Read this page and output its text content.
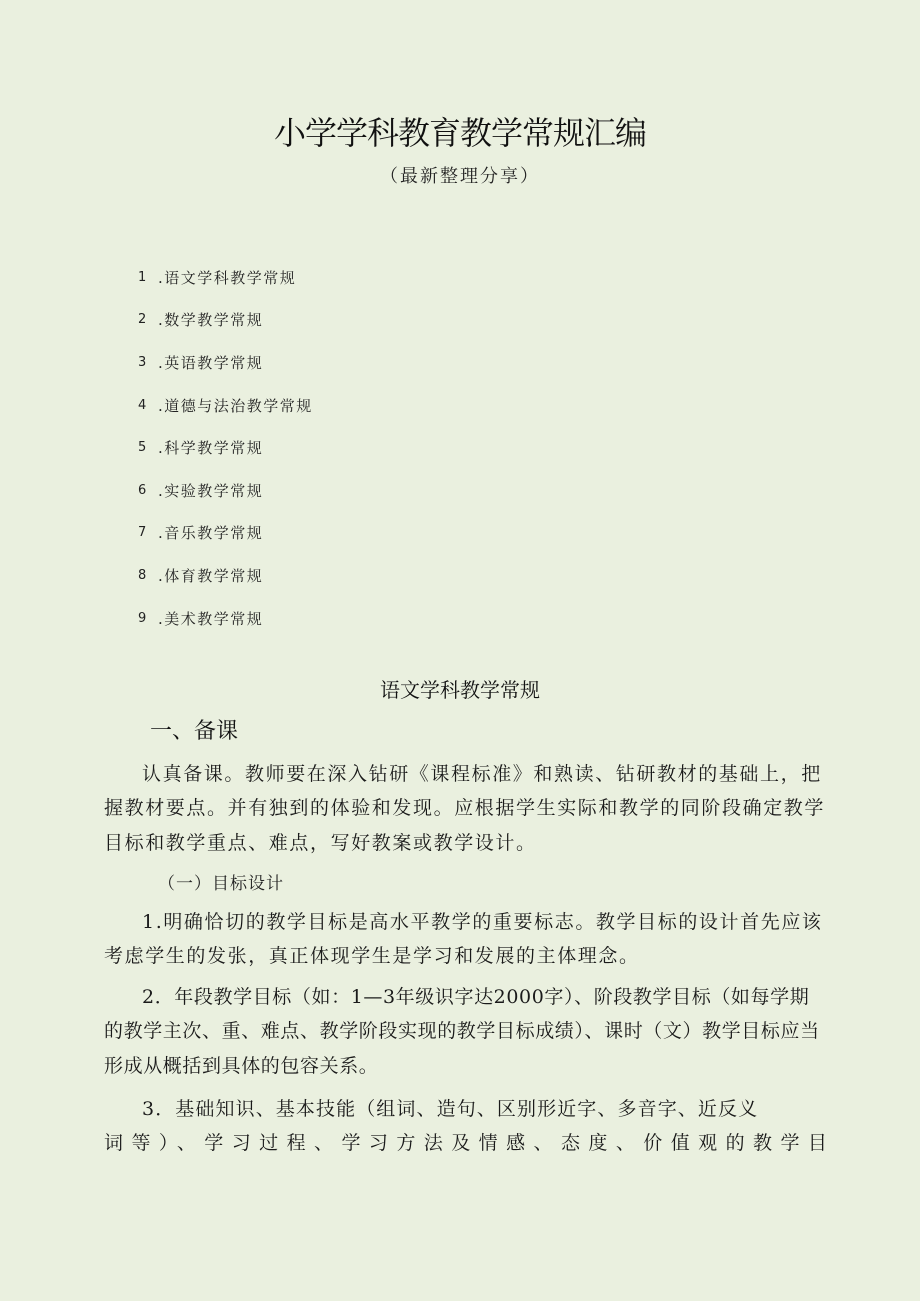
小学学科教育教学常规汇编
（最新整理分享）
1 .语文学科教学常规
2 .数学教学常规
3 .英语教学常规
4 .道德与法治教学常规
5 .科学教学常规
6 .实验教学常规
7 .音乐教学常规
8 .体育教学常规
9 .美术教学常规
语文学科教学常规
一、备课

认真备课。教师要在深入钻研《课程标准》和熟读、钻研教材的基础上，把握教材要点。并有独到的体验和发现。应根据学生实际和教学的同阶段确定教学目标和教学重点、难点，写好教案或教学设计。

（一）目标设计

1.明确恰切的教学目标是高水平教学的重要标志。教学目标的设计首先应该考虑学生的发张，真正体现学生是学习和发展的主体理念。

2．年段教学目标（如：1—3年级识字达2000字）、阶段教学目标（如每学期的教学主次、重、难点、教学阶段实现的教学目标成绩）、课时（文）教学目标应当形成从概括到具体的包容关系。

3．基础知识、基本技能（组词、造句、区别形近字、多音字、近反义
词等）、学习过程、学习方法及情感、态度、价值观的教学目
